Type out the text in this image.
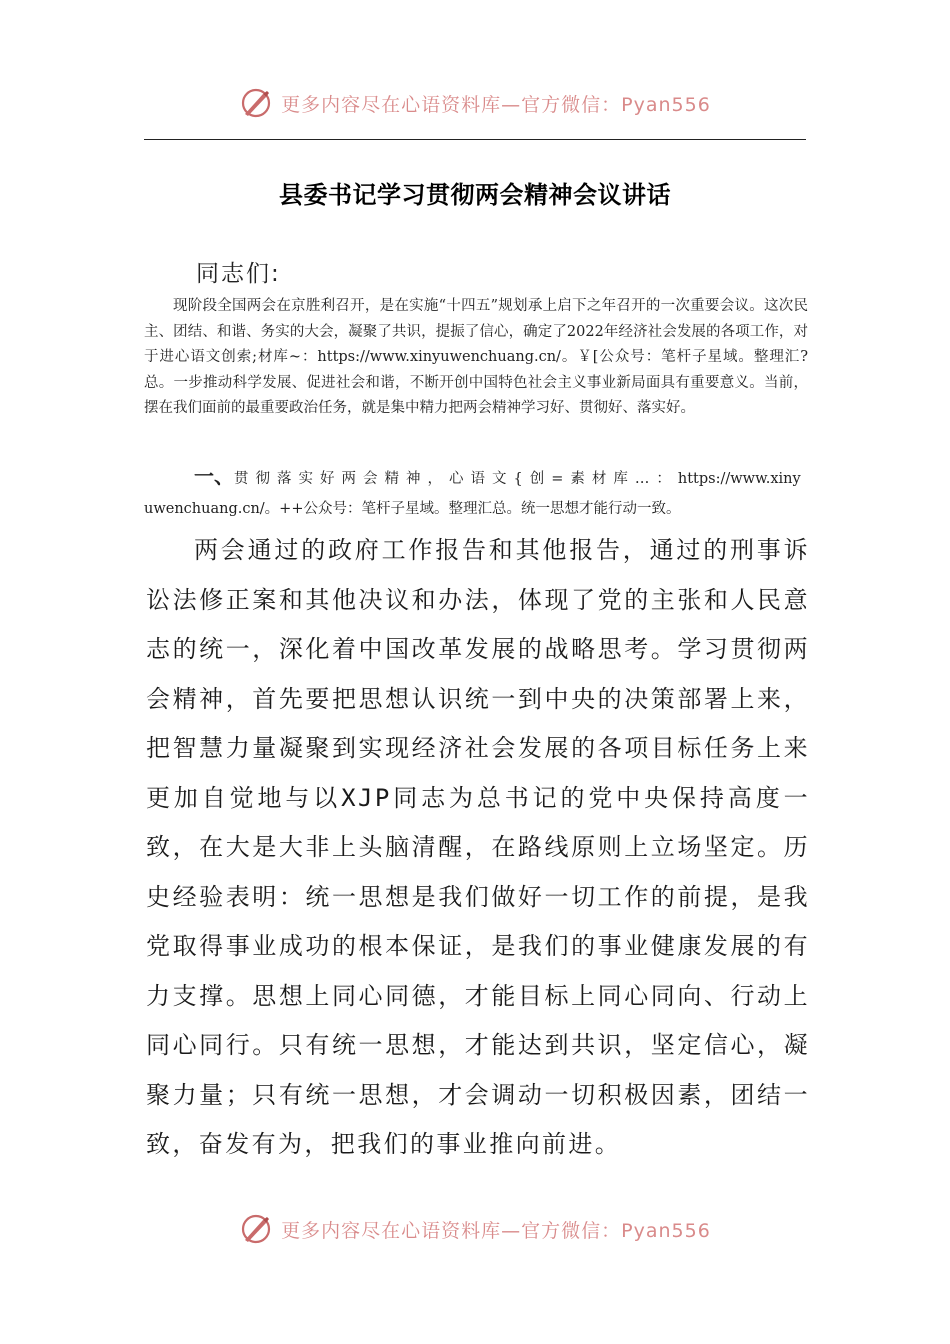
更多内容尽在心语资料库—官方微信：Pyan556
县委书记学习贯彻两会精神会议讲话
同志们:
现阶段全国两会在京胜利召开，是在实施“十四五”规划承上启下之年召开的一次重要会议。这次民主、团结、和谐、务实的大会，凝聚了共识，提振了信心，确定了2022年经济社会发展的各项工作，对于进心语文创索;材库~：https://www.xinyuwenchuang.cn/。￥[公众号：笔杆子星域。整理汇?总。一步推动科学发展、促进社会和谐，不断开创中国特色社会主义事业新局面具有重要意义。当前，摆在我们面前的最重要政治任务，就是集中精力把两会精神学习好、贯彻好、落实好。
一、贯彻落实好两会精神，心语文{创=素材库…：https://www.xinyuwenchuang.cn/。++公众号：笔杆子星域。整理汇总。统一思想才能行动一致。
两会通过的政府工作报告和其他报告，通过的刑事诉讼法修正案和其他决议和办法，体现了党的主张和人民意志的统一，深化着中国改革发展的战略思考。学习贯彻两会精神，首先要把思想认识统一到中央的决策部署上来，把智慧力量凝聚到实现经济社会发展的各项目标任务上来更加自觉地与以XJP同志为总书记的党中央保持高度一致，在大是大非上头脑清醒，在路线原则上立场坚定。历史经验表明：统一思想是我们做好一切工作的前提，是我党取得事业成功的根本保证，是我们的事业健康发展的有力支撑。思想上同心同德，才能目标上同心同向、行动上同心同行。只有统一思想，才能达到共识，坚定信心，凝聚力量；只有统一思想，才会调动一切积极因素，团结一致，奋发有为，把我们的事业推向前进。
更多内容尽在心语资料库—官方微信：Pyan556
